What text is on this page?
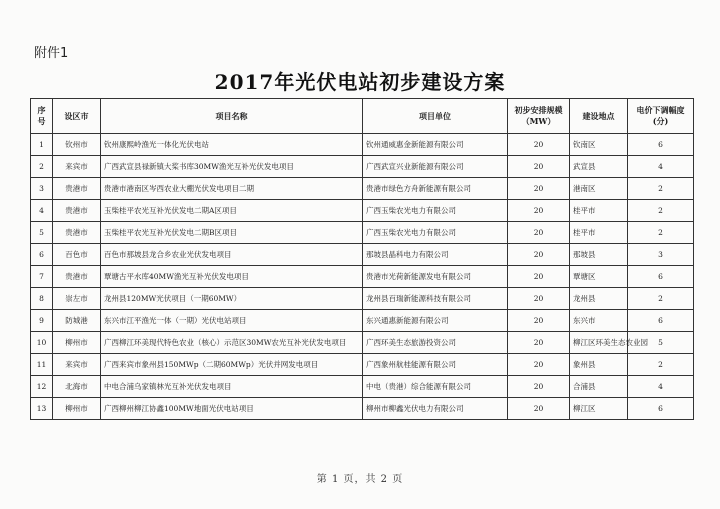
附件1
2017年光伏电站初步建设方案
序号	设区市	项目名称	项目单位	初步安排规模（MW）	建设地点	电价下调幅度(分)
1	钦州市	钦州康熙岭渔光一体化光伏电站	钦州通威惠金新能源有限公司	20	钦南区	6
2	来宾市	广西武宣县禄新镇大桨书库30MW渔光互补光伏发电项目	广西武宣兴业新能源有限公司	20	武宣县	4
3	贵港市	贵港市港南区岑西农业大棚光伏发电项目二期	贵港市绿色方舟新能源有限公司	20	港南区	2
4	贵港市	玉柴桂平农光互补光伏发电二期A区项目	广西玉柴农光电力有限公司	20	桂平市	2
5	贵港市	玉柴桂平农光互补光伏发电二期B区项目	广西玉柴农光电力有限公司	20	桂平市	2
6	百色市	百色市那坡县龙合乡农业光伏发电项目	那坡县晶科电力有限公司	20	那坡县	3
7	贵港市	覃塘古平水库40MW渔光互补光伏发电项目	贵港市光荷新能源发电有限公司	20	覃塘区	6
8	崇左市	龙州县120MW光伏项目（一期60MW）	龙州县百瑞新能源科技有限公司	20	龙州县	2
9	防城港	东兴市江平渔光一体（一期）光伏电站项目	东兴通惠新能源有限公司	20	东兴市	6
10	柳州市	广西柳江环美现代特色农业（核心）示范区30MW农光互补光伏发电项目	广西环美生态旅游投资公司	20	柳江区环美生态农业园	5
11	来宾市	广西来宾市象州县150MWp（二期60MWp）光伏并网发电项目	广西象州航桂能源有限公司	20	象州县	2
12	北海市	中电合浦乌家镇林光互补光伏发电项目	中电（贵港）综合能源有限公司	20	合浦县	4
13	柳州市	广西柳州柳江协鑫100MW地面光伏电站项目	柳州市柳鑫光伏电力有限公司	20	柳江区	6
第 1 页，共 2 页
